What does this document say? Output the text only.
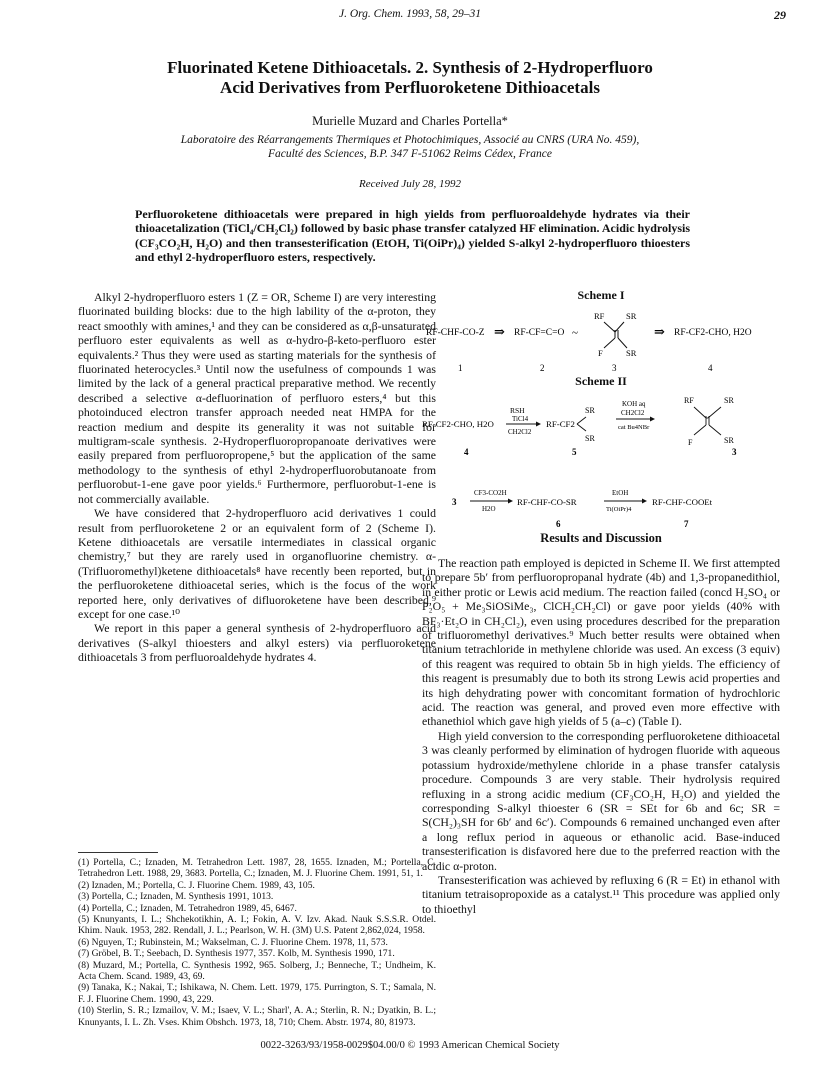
J. Org. Chem. 1993, 58, 29–31	29
Fluorinated Ketene Dithioacetals. 2. Synthesis of 2-Hydroperfluoro
Acid Derivatives from Perfluoroketene Dithioacetals
Murielle Muzard and Charles Portella*
Laboratoire des Réarrangements Thermiques et Photochimiques, Associé au CNRS (URA No. 459),
Faculté des Sciences, B.P. 347 F-51062 Reims Cédex, France
Received July 28, 1992
Perfluoroketene dithioacetals were prepared in high yields from perfluoroaldehyde hydrates via their thioacetalization (TiCl₄/CH₂Cl₂) followed by basic phase transfer catalyzed HF elimination. Acidic hydrolysis (CF₃CO₂H, H₂O) and then transesterification (EtOH, Ti(OiPr)₄) yielded S-alkyl 2-hydroperfluoro thioesters and ethyl 2-hydroperfluoro esters, respectively.

Alkyl 2-hydroperfluoro esters 1 (Z = OR, Scheme I) are very interesting fluorinated building blocks: due to the high lability of the α-proton, they react smoothly with amines,¹ and they can be considered as α,β-unsaturated perfluoro ester equivalents as well as α-hydro-β-keto-perfluoro ester equivalents.² Thus they were used as starting materials for the synthesis of fluorinated heterocycles.³ Until now the usefulness of compounds 1 was limited by the lack of a general practical preparative method. We recently described a selective α-defluorination of perfluoro esters,⁴ but this photoinduced electron transfer approach needed neat HMPA for the reaction medium and despite its generality it was not suitable for multigram-scale synthesis. 2-Hydroperfluoropropanoate derivatives were easily prepared from perfluoropropene,⁵ but the application of the same methodology to the synthesis of ethyl 2-hydroperfluorobutanoate from perfluorobut-1-ene gave poor yields.⁶ Furthermore, perfluorobut-1-ene is not commercially available.

We have considered that 2-hydroperfluoro acid derivatives 1 could result from perfluoroketene 2 or an equivalent form of 2 (Scheme I). Ketene dithioacetals are versatile intermediates in classical organic chemistry,⁷ but they are rarely used in organofluorine chemistry. α-(Trifluoromethyl)ketene dithioacetals⁸ have recently been reported, but in the perfluoroketene dithioacetal series, which is the focus of the work reported here, only derivatives of difluoroketene have been described,⁹ except for one case.¹⁰

We report in this paper a general synthesis of 2-hydroperfluoro acid derivatives (S-alkyl thioesters and alkyl esters) via perfluoroketene dithioacetals 3 from perfluoroaldehyde hydrates 4.

(1) Portella, C.; Iznaden, M. Tetrahedron Lett. 1987, 28, 1655. Iznaden, M.; Portella, C. Tetrahedron Lett. 1988, 29, 3683. Portella, C.; Iznaden, M. J. Fluorine Chem. 1991, 51, 1.
(2) Iznaden, M.; Portella, C. J. Fluorine Chem. 1989, 43, 105.
(3) Portella, C.; Iznaden, M. Synthesis 1991, 1013.
(4) Portella, C.; Iznaden, M. Tetrahedron 1989, 45, 6467.
(5) Knunyants, I. L.; Shchekotikhin, A. I.; Fokin, A. V. Izv. Akad. Nauk S.S.S.R. Otdel. Khim. Nauk. 1953, 282. Rendall, J. L.; Pearlson, W. H. (3M) U.S. Patent 2,862,024, 1958.
(6) Nguyen, T.; Rubinstein, M.; Wakselman, C. J. Fluorine Chem. 1978, 11, 573.
(7) Gröbel, B. T.; Seebach, D. Synthesis 1977, 357. Kolb, M. Synthesis 1990, 171.
(8) Muzard, M.; Portella, C. Synthesis 1992, 965. Solberg, J.; Benneche, T.; Undheim, K. Acta Chem. Scand. 1989, 43, 69.
(9) Tanaka, K.; Nakai, T.; Ishikawa, N. Chem. Lett. 1979, 175. Purrington, S. T.; Samala, N. F. J. Fluorine Chem. 1990, 43, 229.
(10) Sterlin, S. R.; Izmailov, V. M.; Isaev, V. L.; Sharl', A. A.; Sterlin, R. N.; Dyatkin, B. L.; Knunyants, I. L. Zh. Vses. Khim Obshch. 1973, 18, 710; Chem. Abstr. 1974, 80, 81973.
Scheme I
RF-CHF-CO-Z ⇒ RF-CF=C=O ~
RF	SR
F	SR
⇒ RF-CF2-CHO, H2O
1	2	3	4
Scheme II
RF-CF2-CHO, H2O
RSH
TiCl4
CH2Cl2
RF-CF2
SR
SR
KOH aq
CH2Cl2
cat Bu4NBr
RF	SR
F	SR
4	5	3
3
CF3-CO2H
H2O
RF-CHF-CO-SR
EtOH
Ti(OiPr)4
RF-CHF-COOEt
6	7
Results and Discussion

The reaction path employed is depicted in Scheme II. We first attempted to prepare 5b′ from perfluoropropanal hydrate (4b) and 1,3-propanedithiol, in either protic or Lewis acid medium. The reaction failed (concd H₂SO₄ or P₂O₅ + Me₃SiOSiMe₃, ClCH₂CH₂Cl) or gave poor yields (40% with BF₃·Et₂O in CH₂Cl₂), even using procedures described for the preparation of trifluoromethyl derivatives.⁹ Much better results were obtained when titanium tetrachloride in methylene chloride was used. An excess (3 equiv) of this reagent was required to obtain 5b in high yields. The efficiency of this reagent is presumably due to both its strong Lewis acid properties and its high dehydrating power with concomitant formation of hydrochloric acid. The reaction was general, and proved even more effective with ethanethiol which gave high yields of 5 (a–c) (Table I).

High yield conversion to the corresponding perfluoroketene dithioacetal 3 was cleanly performed by elimination of hydrogen fluoride with aqueous potassium hydroxide/methylene chloride in a phase transfer catalysis procedure. Compounds 3 are very stable. Their hydrolysis required refluxing in a strong acidic medium (CF₃CO₂H, H₂O) and yielded the corresponding S-alkyl thioester 6 (SR = SEt for 6b and 6c; SR = S(CH₂)₃SH for 6b′ and 6c′). Compounds 6 remained unchanged even after a long reflux period in aqueous or ethanolic acid. Base-induced transesterification is disfavored here due to the preferred reaction with the acidic α-proton.

Transesterification was achieved by refluxing 6 (R = Et) in ethanol with titanium tetraisopropoxide as a catalyst.¹¹ This procedure was applied only to thioethyl

0022-3263/93/1958-0029$04.00/0 © 1993 American Chemical Society
